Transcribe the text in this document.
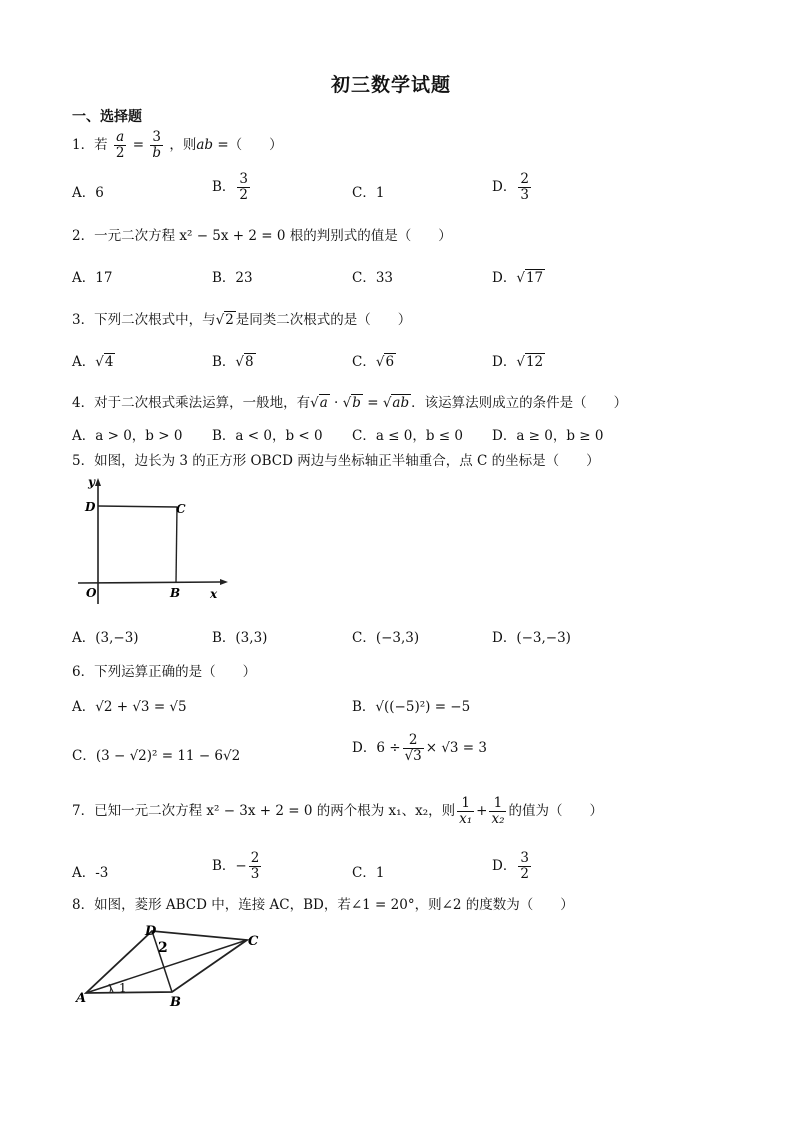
初三数学试题
一、选择题
1．若 $\frac{a}{2} = \frac{3}{b}$ ，则ab =（　　）
A．6	B． $\frac{3}{2}$	C．1	D． $\frac{2}{3}$
2．一元二次方程 x² − 5x + 2 = 0 根的判别式的值是（　　）
A．17	B．23	C．33	D．√17
3．下列二次根式中，与√2 是同类二次根式的是（　　）
A．√4	B．√8	C．√6	D．√12
4．对于二次根式乘法运算，一般地，有√a · √b = √ab ．该运算法则成立的条件是（　　）
A．a > 0，b > 0 B．a < 0，b < 0 C．a ≤ 0，b ≤ 0 D．a ≥ 0，b ≥ 0
5．如图，边长为 3 的正方形 OBCD 两边与坐标轴正半轴重合，点 C 的坐标是（　　）
y
x
D	C
O	B
A．(3,−3)	B．(3,3)	C．(−3,3)	D．(−3,−3)
6．下列运算正确的是（　　）
A．√2 + √3 = √5	B．√((−5)²) = −5
C．(3 − √2)² = 11 − 6√2
D．$6 \div \frac{2}{√3} \times √3 = 3$
7．已知一元二次方程 x² − 3x + 2 = 0 的两个根为 x₁、x₂，则 $\frac{1}{\text{x₁}} + \frac{1}{\text{x₂}}$ 的值为（　　）
A．-3	B．− $\frac{2}{3}$	C．1	D． $\frac{3}{2}$
8．如图，菱形 ABCD 中，连接 AC，BD，若∠1 = 20°，则∠2 的度数为（　　）
A	B
C
D
1
2
